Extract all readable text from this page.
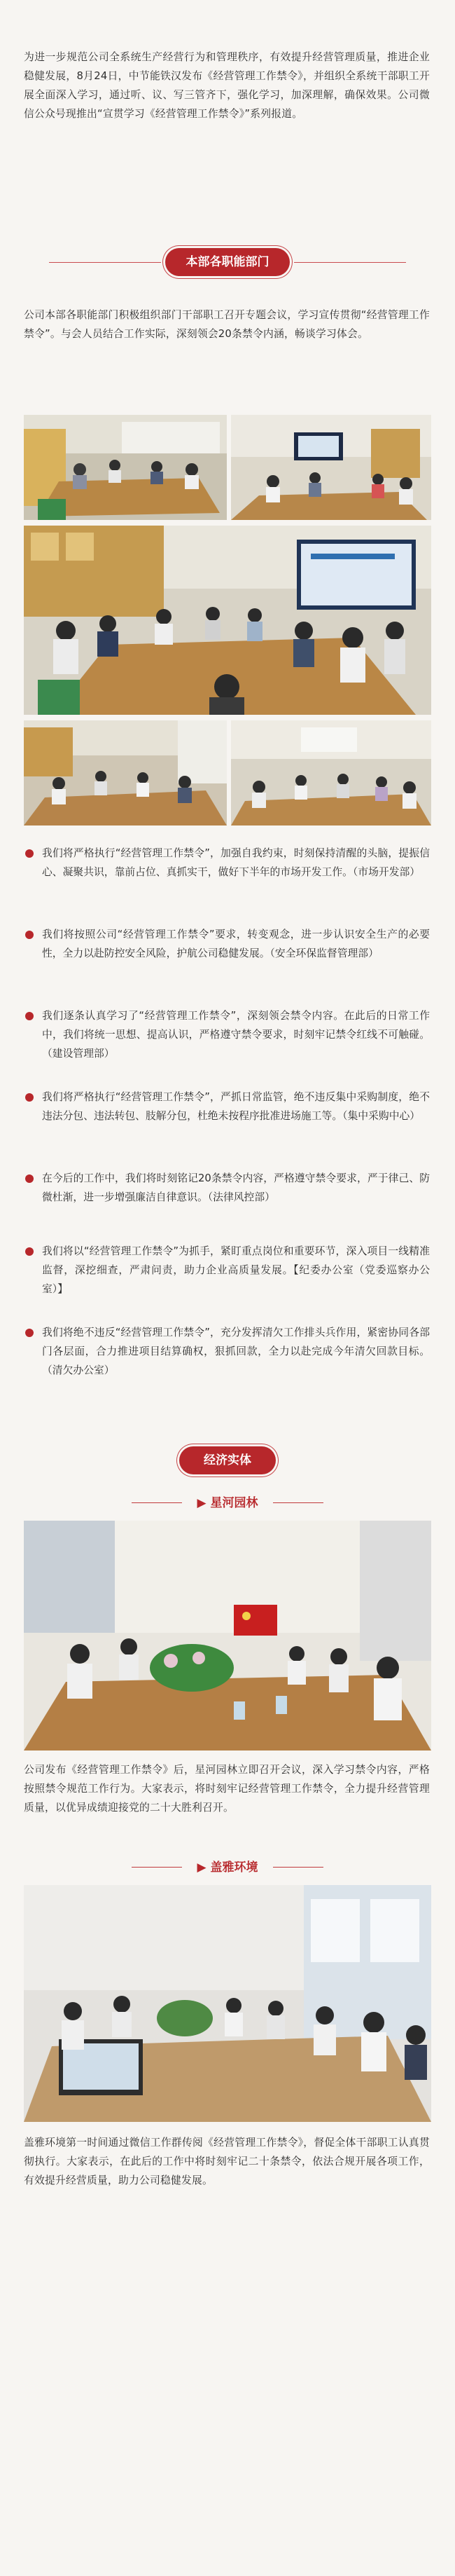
为进一步规范公司全系统生产经营行为和管理秩序，有效提升经营管理质量，推进企业稳健发展，8月24日，中节能铁汉发布《经营管理工作禁令》，并组织全系统干部职工开展全面深入学习，通过听、议、写三管齐下，强化学习，加深理解，确保效果。公司微信公众号现推出“宣贯学习《经营管理工作禁令》”系列报道。
本部各职能部门
公司本部各职能部门积极组织部门干部职工召开专题会议，学习宣传贯彻“经营管理工作禁令”。与会人员结合工作实际，深刻领会20条禁令内涵，畅谈学习体会。
我们将严格执行“经营管理工作禁令”，加强自我约束，时刻保持清醒的头脑，提振信心、凝聚共识，靠前占位、真抓实干，做好下半年的市场开发工作。（市场开发部）
我们将按照公司“经营管理工作禁令”要求，转变观念，进一步认识安全生产的必要性，全力以赴防控安全风险，护航公司稳健发展。（安全环保监督管理部）
我们逐条认真学习了“经营管理工作禁令”，深刻领会禁令内容。在此后的日常工作中，我们将统一思想、提高认识，严格遵守禁令要求，时刻牢记禁令红线不可触碰。（建设管理部）
我们将严格执行“经营管理工作禁令”，严抓日常监管，绝不违反集中采购制度，绝不违法分包、违法转包、肢解分包，杜绝未按程序批准进场施工等。（集中采购中心）
在今后的工作中，我们将时刻铭记20条禁令内容，严格遵守禁令要求，严于律己、防微杜渐，进一步增强廉洁自律意识。（法律风控部）
我们将以“经营管理工作禁令”为抓手，紧盯重点岗位和重要环节，深入项目一线精准监督，深挖细查，严肃问责，助力企业高质量发展。【纪委办公室（党委巡察办公室）】
我们将绝不违反“经营管理工作禁令”，充分发挥清欠工作排头兵作用，紧密协同各部门各层面，合力推进项目结算确权，狠抓回款，全力以赴完成今年清欠回款目标。（清欠办公室）
经济实体
▶ 星河园林
公司发布《经营管理工作禁令》后，星河园林立即召开会议，深入学习禁令内容，严格按照禁令规范工作行为。大家表示，将时刻牢记经营管理工作禁令，全力提升经营管理质量，以优异成绩迎接党的二十大胜利召开。
▶ 盖雅环境
盖雅环境第一时间通过微信工作群传阅《经营管理工作禁令》，督促全体干部职工认真贯彻执行。大家表示，在此后的工作中将时刻牢记二十条禁令，依法合规开展各项工作，有效提升经营质量，助力公司稳健发展。
